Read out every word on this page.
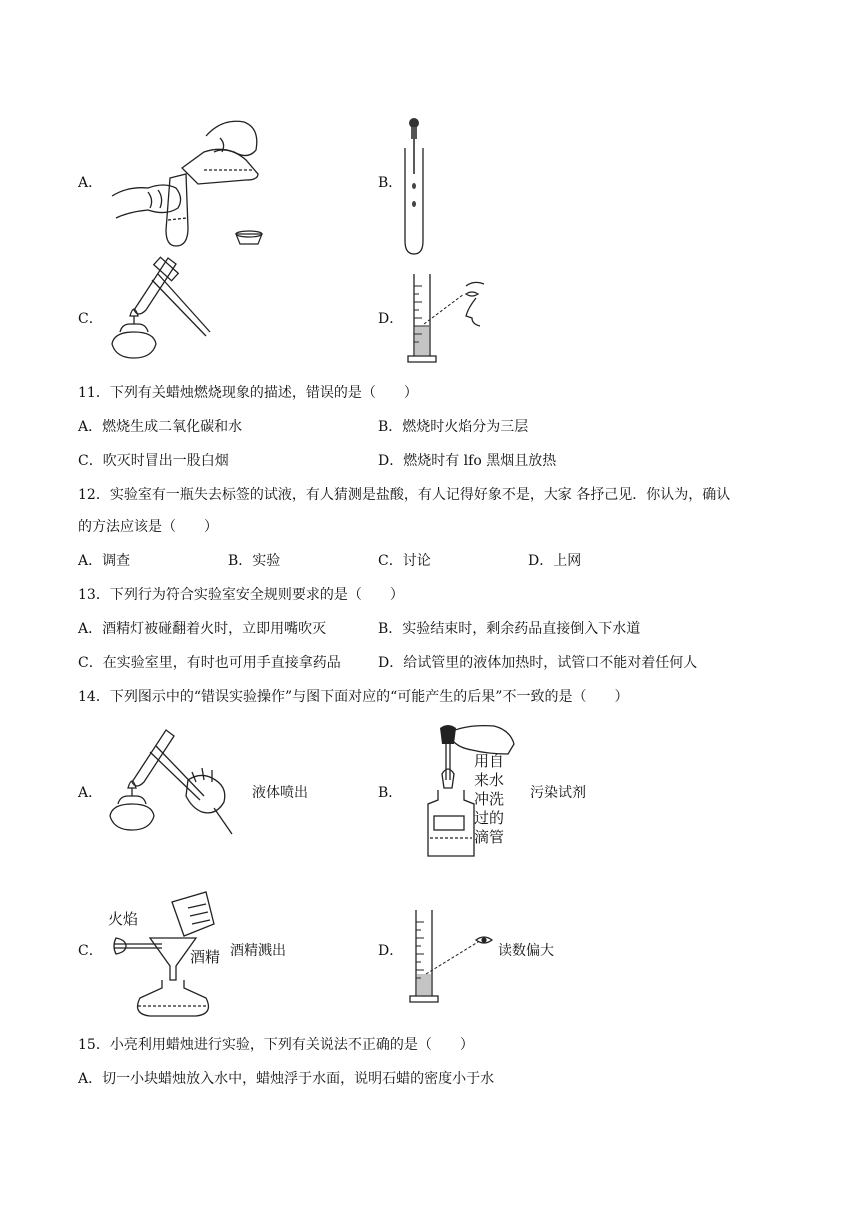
A．	B．
C．	D．
11．下列有关蜡烛燃烧现象的描述，错误的是（　　）
A．燃烧生成二氧化碳和水	B．燃烧时火焰分为三层
C．吹灭时冒出一股白烟	D．燃烧时有 lfo 黑烟且放热
12．实验室有一瓶失去标签的试液，有人猜测是盐酸，有人记得好象不是，大家 各抒己见．你认为，确认
的方法应该是（　　）
A．调查	B．实验	C．讨论	D．上网
13．下列行为符合实验室安全规则要求的是（　　）
A．酒精灯被碰翻着火时，立即用嘴吹灭	B．实验结束时，剩余药品直接倒入下水道
C．在实验室里，有时也可用手直接拿药品	D．给试管里的液体加热时，试管口不能对着任何人
14．下列图示中的“错误实验操作”与图下面对应的“可能产生的后果”不一致的是（　　）
A．	液体喷出	B．
用自
来水
冲洗
过的
滴管
污染试剂
C．
火焰
酒精 酒精溅出	D．	读数偏大
15．小亮利用蜡烛进行实验，下列有关说法不正确的是（　　）
A．切一小块蜡烛放入水中，蜡烛浮于水面，说明石蜡的密度小于水
